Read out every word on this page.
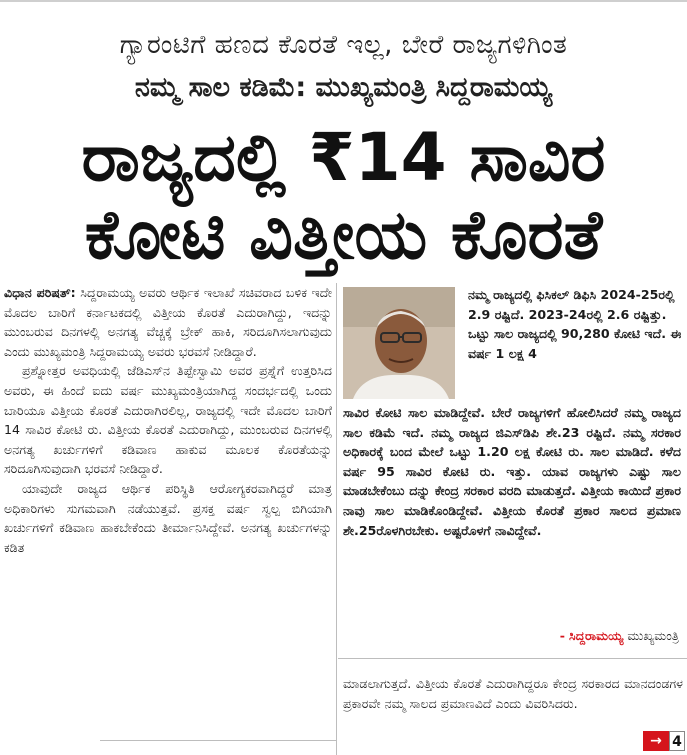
ಗ್ಯಾರಂಟಿಗೆ ಹಣದ ಕೊರತೆ ಇಲ್ಲ, ಬೇರೆ ರಾಜ್ಯಗಳಿಗಿಂತ
ನಮ್ಮ ಸಾಲ ಕಡಿಮೆ: ಮುಖ್ಯಮಂತ್ರಿ ಸಿದ್ದರಾಮಯ್ಯ
ರಾಜ್ಯದಲ್ಲಿ ₹14 ಸಾವಿರ
ಕೋಟಿ ವಿತ್ತೀಯ ಕೊರತೆ

ವಿಧಾನ ಪರಿಷತ್: ಸಿದ್ದರಾಮಯ್ಯ ಅವರು ಆರ್ಥಿಕ ಇಲಾಖೆ ಸಚಿವರಾದ ಬಳಿಕ ಇದೇ ಮೊದಲ ಬಾರಿಗೆ ಕರ್ನಾಟಕದಲ್ಲಿ ವಿತ್ತೀಯ ಕೊರತೆ ಎದುರಾಗಿದ್ದು, ಇದನ್ನು ಮುಂಬರುವ ದಿನಗಳಲ್ಲಿ ಅನಗತ್ಯ ವೆಚ್ಚಕ್ಕೆ ಬ್ರೇಕ್ ಹಾಕಿ, ಸರಿದೂಗಿಸಲಾಗುವುದು ಎಂದು ಮುಖ್ಯಮಂತ್ರಿ ಸಿದ್ದರಾಮಯ್ಯ ಅವರು ಭರವಸೆ ನೀಡಿದ್ದಾರೆ.

ಪ್ರಶ್ನೋತ್ತರ ಅವಧಿಯಲ್ಲಿ ಜೆಡಿಎಸ್‌ನ ತಿಪ್ಪೇಸ್ವಾಮಿ ಅವರ ಪ್ರಶ್ನೆಗೆ ಉತ್ತರಿಸಿದ ಅವರು, ಈ ಹಿಂದೆ ಐದು ವರ್ಷ ಮುಖ್ಯಮಂತ್ರಿಯಾಗಿದ್ದ ಸಂದರ್ಭದಲ್ಲಿ ಒಂದು ಬಾರಿಯೂ ವಿತ್ತೀಯ ಕೊರತೆ ಎದುರಾಗಿರಲಿಲ್ಲ, ರಾಜ್ಯದಲ್ಲಿ ಇದೇ ಮೊದಲ ಬಾರಿಗೆ 14 ಸಾವಿರ ಕೋಟಿ ರು. ವಿತ್ತೀಯ ಕೊರತೆ ಎದುರಾಗಿದ್ದು, ಮುಂಬರುವ ದಿನಗಳಲ್ಲಿ ಅನಗತ್ಯ ಖರ್ಚುಗಳಿಗೆ ಕಡಿವಾಣ ಹಾಕುವ ಮೂಲಕ ಕೊರತೆಯನ್ನು ಸರಿದೂಗಿಸುವುದಾಗಿ ಭರವಸೆ ನೀಡಿದ್ದಾರೆ.

ಯಾವುದೇ ರಾಜ್ಯದ ಆರ್ಥಿಕ ಪರಿಸ್ಥಿತಿ ಆರೋಗ್ಯಕರವಾಗಿದ್ದರೆ ಮಾತ್ರ ಅಧಿಕಾರಿಗಳು ಸುಗಮವಾಗಿ ನಡೆಯುತ್ತವೆ. ಪ್ರಸಕ್ತ ವರ್ಷ ಸ್ವಲ್ಪ ಬಿಗಿಯಾಗಿ ಖರ್ಚುಗಳಿಗೆ ಕಡಿವಾಣ ಹಾಕಬೇಕೆಂದು ತೀರ್ಮಾನಿಸಿದ್ದೇವೆ. ಅನಗತ್ಯ ಖರ್ಚುಗಳನ್ನು ಕಡಿತ

ನಮ್ಮ ರಾಜ್ಯದಲ್ಲಿ ಫಿಸಿಕಲ್ ಡಿಫಿಸಿ 2024-25ರಲ್ಲಿ 2.9 ರಷ್ಟಿದೆ. 2023-24ರಲ್ಲಿ 2.6 ರಷ್ಟಿತ್ತು. ಒಟ್ಟು ಸಾಲ ರಾಜ್ಯದಲ್ಲಿ 90,280 ಕೋಟಿ ಇದೆ. ಈ ವರ್ಷ 1 ಲಕ್ಷ 4

ಸಾವಿರ ಕೋಟಿ ಸಾಲ ಮಾಡಿದ್ದೇವೆ. ಬೇರೆ ರಾಜ್ಯಗಳಿಗೆ ಹೋಲಿಸಿದರೆ ನಮ್ಮ ರಾಜ್ಯದ ಸಾಲ ಕಡಿಮೆ ಇದೆ. ನಮ್ಮ ರಾಜ್ಯದ ಜಿಎಸ್‌ಡಿಪಿ ಶೇ.23 ರಷ್ಟಿದೆ. ನಮ್ಮ ಸರಕಾರ ಅಧಿಕಾರಕ್ಕೆ ಬಂದ ಮೇಲೆ ಒಟ್ಟು 1.20 ಲಕ್ಷ ಕೋಟಿ ರು. ಸಾಲ ಮಾಡಿದೆ. ಕಳೆದ ವರ್ಷ 95 ಸಾವಿರ ಕೋಟಿ ರು. ಇತ್ತು. ಯಾವ ರಾಜ್ಯಗಳು ಎಷ್ಟು ಸಾಲ ಮಾಡಬೇಕೆಂಬು ದನ್ನು ಕೇಂದ್ರ ಸರಕಾರ ವರದಿ ಮಾಡುತ್ತದೆ. ವಿತ್ತೀಯ ಕಾಯಿದೆ ಪ್ರಕಾರ ನಾವು ಸಾಲ ಮಾಡಿಕೊಂಡಿದ್ದೇವೆ. ವಿತ್ತೀಯ ಕೊರತೆ ಪ್ರಕಾರ ಸಾಲದ ಪ್ರಮಾಣ ಶೇ.25ರೊಳಗಿರಬೇಕು. ಅಷ್ಟರೊಳಗೆ ನಾವಿದ್ದೇವೆ.

- ಸಿದ್ದರಾಮಯ್ಯ ಮುಖ್ಯಮಂತ್ರಿ

ಮಾಡಲಾಗುತ್ತದೆ. ವಿತ್ತೀಯ ಕೊರತೆ ಎದುರಾಗಿದ್ದರೂ ಕೇಂದ್ರ ಸರಕಾರದ ಮಾನದಂಡಗಳ ಪ್ರಕಾರವೇ ನಮ್ಮ ಸಾಲದ ಪ್ರಮಾಣವಿದೆ ಎಂದು ವಿವರಿಸಿದರು.

→ 4
